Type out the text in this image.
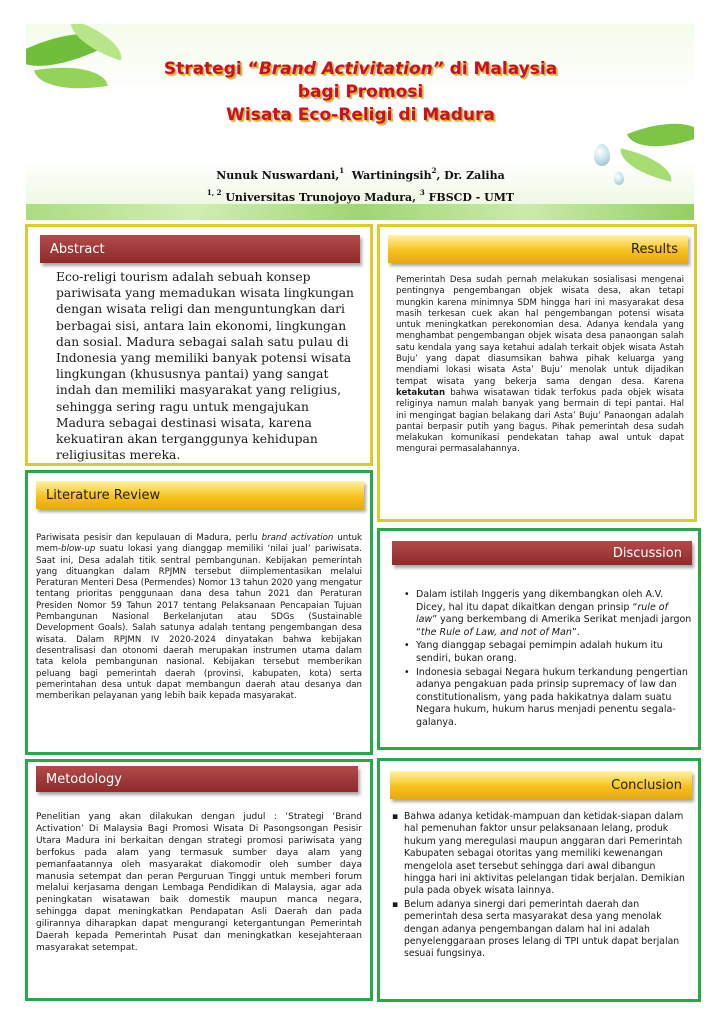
Strategi “Brand Activitation” di Malaysia
bagi Promosi
Wisata Eco-Religi di Madura
Nunuk Nuswardani,$^1$ Wartiningsih$^2$, Dr. Zaliha
$^{1, 2}$ Universitas Trunojoyo Madura, $^3$ FBSCD - UMT
Abstract
Eco-religi tourism adalah sebuah konsep pariwisata yang memadukan wisata lingkungan dengan wisata religi dan menguntungkan dari berbagai sisi, antara lain ekonomi, lingkungan dan sosial. Madura sebagai salah satu pulau di Indonesia yang memiliki banyak potensi wisata lingkungan (khususnya pantai) yang sangat indah dan memiliki masyarakat yang religius, sehingga sering ragu untuk mengajukan Madura sebagai destinasi wisata, karena kekuatiran akan terganggunya kehidupan religiusitas mereka.
Results
Pemerintah Desa sudah pernah melakukan sosialisasi mengenai pentingnya pengembangan objek wisata desa, akan tetapi mungkin karena minimnya SDM hingga hari ini masyarakat desa masih terkesan cuek akan hal pengembangan potensi wisata untuk meningkatkan perekonomian desa. Adanya kendala yang menghambat pengembangan objek wisata desa panaongan salah satu kendala yang saya ketahui adalah terkait objek wisata Astah Buju’ yang dapat diasumsikan bahwa pihak keluarga yang mendiami lokasi wisata Asta’ Buju’ menolak untuk dijadikan tempat wisata yang bekerja sama dengan desa. Karena ketakutan bahwa wisatawan tidak terfokus pada objek wisata religinya namun malah banyak yang bermain di tepi pantai. Hal ini mengingat bagian belakang dari Asta’ Buju’ Panaongan adalah pantai berpasir putih yang bagus. Pihak pemerintah desa sudah melakukan komunikasi pendekatan tahap awal untuk dapat mengurai permasalahannya.
Literature Review
Pariwisata pesisir dan kepulauan di Madura, perlu brand activation untuk mem-blow-up suatu lokasi yang dianggap memiliki ‘nilai jual’ pariwisata. Saat ini, Desa adalah titik sentral pembangunan. Kebijakan pemerintah yang dituangkan dalam RPJMN tersebut diimplementasikan melalui Peraturan Menteri Desa (Permendes) Nomor 13 tahun 2020 yang mengatur tentang prioritas penggunaan dana desa tahun 2021 dan Peraturan Presiden Nomor 59 Tahun 2017 tentang Pelaksanaan Pencapaian Tujuan Pembangunan Nasional Berkelanjutan atau SDGs (Sustainable Development Goals). Salah satunya adalah tentang pengembangan desa wisata. Dalam RPJMN IV 2020-2024 dinyatakan bahwa kebijakan desentralisasi dan otonomi daerah merupakan instrumen utama dalam tata kelola pembangunan nasional. Kebijakan tersebut memberikan peluang bagi pemerintah daerah (provinsi, kabupaten, kota) serta pemerintahan desa untuk dapat membangun daerah atau desanya dan memberikan pelayanan yang lebih baik kepada masyarakat.
Discussion
• Dalam istilah Inggeris yang dikembangkan oleh A.V. Dicey, hal itu dapat dikaitkan dengan prinsip “rule of law” yang berkembang di Amerika Serikat menjadi jargon “the Rule of Law, and not of Man”.
• Yang dianggap sebagai pemimpin adalah hukum itu sendiri, bukan orang.
• Indonesia sebagai Negara hukum terkandung pengertian adanya pengakuan pada prinsip supremacy of law dan constitutionalism, yang pada hakikatnya dalam suatu Negara hukum, hukum harus menjadi penentu segala-galanya.
Metodology
Penelitian yang akan dilakukan dengan judul : ‘Strategi ‘Brand Activation’ Di Malaysia Bagi Promosi Wisata Di Pasongsongan Pesisir Utara Madura ini berkaitan dengan strategi promosi pariwisata yang berfokus pada alam yang termasuk sumber daya alam yang pemanfaatannya oleh masyarakat diakomodir oleh sumber daya manusia setempat dan peran Perguruan Tinggi untuk memberi forum melalui kerjasama dengan Lembaga Pendidikan di Malaysia, agar ada peningkatan wisatawan baik domestik maupun manca negara, sehingga dapat meningkatkan Pendapatan Asli Daerah dan pada gilirannya diharapkan dapat mengurangi ketergantungan Pemerintah Daerah kepada Pemerintah Pusat dan meningkatkan kesejahteraan masyarakat setempat.
Conclusion
▪ Bahwa adanya ketidak-mampuan dan ketidak-siapan dalam hal pemenuhan faktor unsur pelaksanaan lelang, produk hukum yang meregulasi maupun anggaran dari Pemerintah Kabupaten sebagai otoritas yang memiliki kewenangan mengelola aset tersebut sehingga dari awal dibangun hingga hari ini aktivitas pelelangan tidak berjalan. Demikian pula pada obyek wisata lainnya.
▪ Belum adanya sinergi dari pemerintah daerah dan pemerintah desa serta masyarakat desa yang menolak dengan adanya pengembangan dalam hal ini adalah penyelenggaraan proses lelang di TPI untuk dapat berjalan sesuai fungsinya.
